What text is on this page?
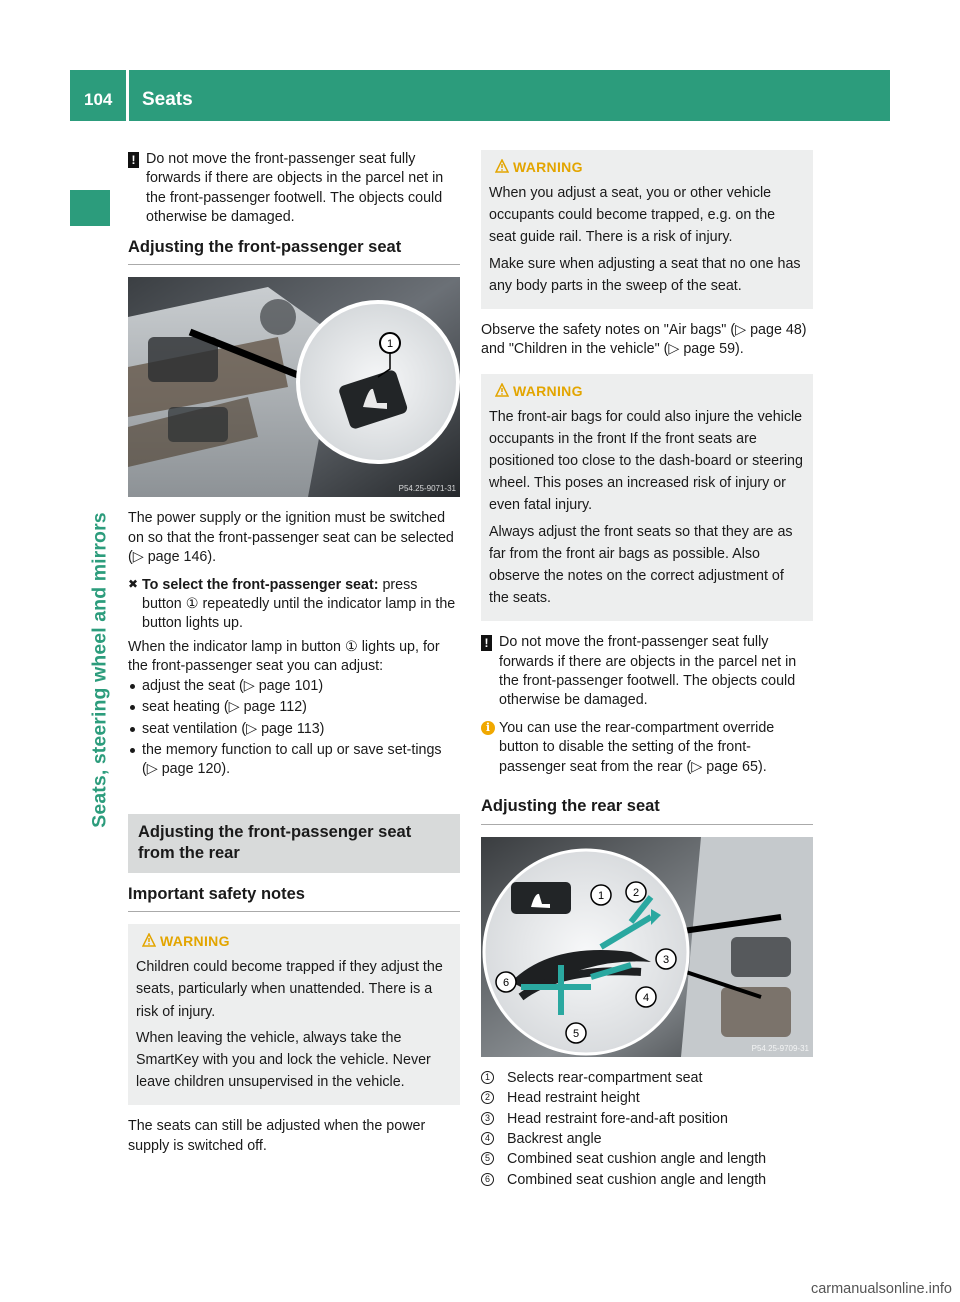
104	Seats
Seats, steering wheel and mirrors
! Do not move the front-passenger seat fully forwards if there are objects in the parcel net in the front-passenger footwell. The objects could otherwise be damaged.

Adjusting the front-passenger seat
1
P54.25-9071-31

The power supply or the ignition must be switched on so that the front-passenger seat can be selected (▷ page 146).

✖ To select the front-passenger seat: press button ① repeatedly until the indicator lamp in the button lights up.

When the indicator lamp in button ① lights up, for the front-passenger seat you can adjust:

adjust the seat (▷ page 101)
seat heating (▷ page 112)
seat ventilation (▷ page 113)
the memory function to call up or save set-tings (▷ page 120).
Adjusting the front-passenger seat from the rear
Important safety notes
WARNING

Children could become trapped if they adjust the seats, particularly when unattended. There is a risk of injury.

When leaving the vehicle, always take the SmartKey with you and lock the vehicle. Never leave children unsupervised in the vehicle.

The seats can still be adjusted when the power supply is switched off.

WARNING

When you adjust a seat, you or other vehicle occupants could become trapped, e.g. on the seat guide rail. There is a risk of injury.

Make sure when adjusting a seat that no one has any body parts in the sweep of the seat.

Observe the safety notes on "Air bags" (▷ page 48) and "Children in the vehicle" (▷ page 59).

WARNING

The front-air bags for could also injure the vehicle occupants in the front If the front seats are positioned too close to the dash-board or steering wheel. This poses an increased risk of injury or even fatal injury.

Always adjust the front seats so that they are as far from the front air bags as possible. Also observe the notes on the correct adjustment of the seats.

! Do not move the front-passenger seat fully forwards if there are objects in the parcel net in the front-passenger footwell. The objects could otherwise be damaged.

i You can use the rear-compartment override button to disable the setting of the front-passenger seat from the rear (▷ page 65).

Adjusting the rear seat
1	2
3
4
5
6
P54.25-9709-31
1 Selects rear-compartment seat
2 Head restraint height
3 Head restraint fore-and-aft position
4 Backrest angle
5 Combined seat cushion angle and length
6 Combined seat cushion angle and length
carmanualsonline.info
